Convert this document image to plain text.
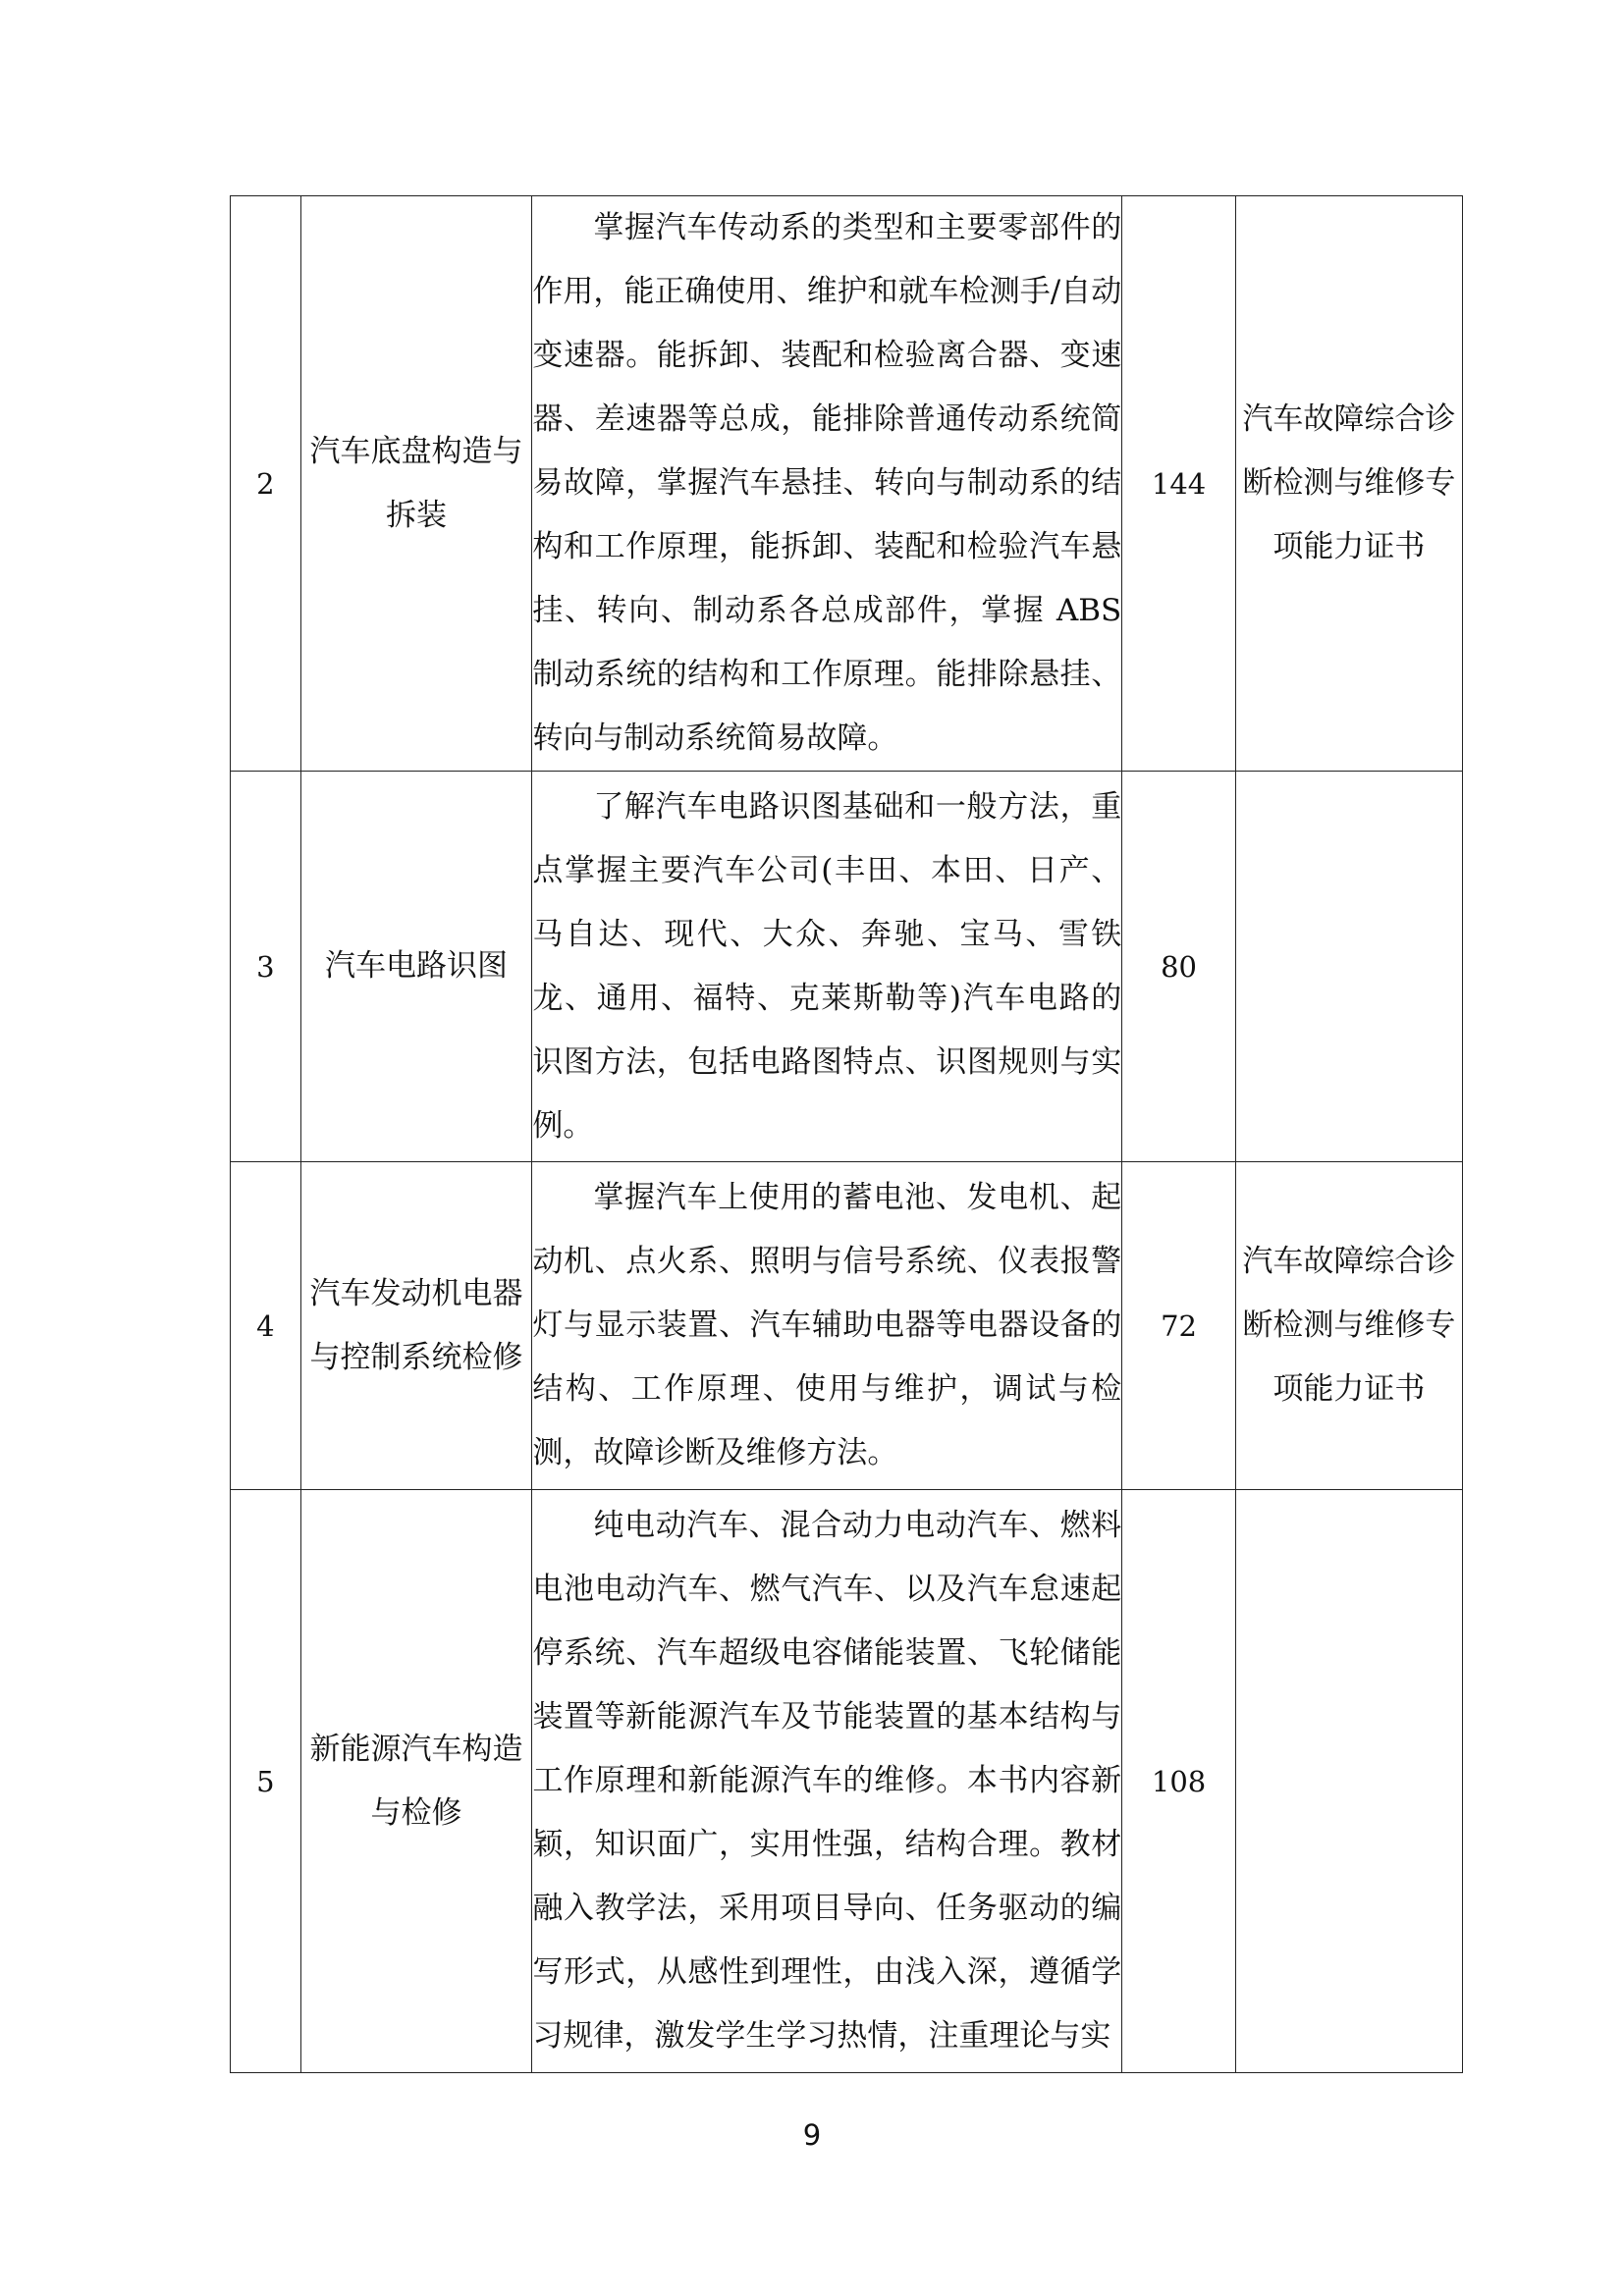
2	汽车底盘构造与拆装	掌握汽车传动系的类型和主要零部件的作用，能正确使用、维护和就车检测手/自动变速器。能拆卸、装配和检验离合器、变速器、差速器等总成，能排除普通传动系统简易故障，掌握汽车悬挂、转向与制动系的结构和工作原理，能拆卸、装配和检验汽车悬挂、转向、制动系各总成部件，掌握 ABS 制动系统的结构和工作原理。能排除悬挂、转向与制动系统简易故障。	144	汽车故障综合诊断检测与维修专项能力证书
3	汽车电路识图	了解汽车电路识图基础和一般方法，重点掌握主要汽车公司(丰田、本田、日产、马自达、现代、大众、奔驰、宝马、雪铁龙、通用、福特、克莱斯勒等)汽车电路的识图方法，包括电路图特点、识图规则与实例。	80	
4	汽车发动机电器与控制系统检修	掌握汽车上使用的蓄电池、发电机、起动机、点火系、照明与信号系统、仪表报警灯与显示装置、汽车辅助电器等电器设备的结构、工作原理、使用与维护，调试与检测，故障诊断及维修方法。	72	汽车故障综合诊断检测与维修专项能力证书
5	新能源汽车构造与检修	纯电动汽车、混合动力电动汽车、燃料电池电动汽车、燃气汽车、以及汽车怠速起停系统、汽车超级电容储能装置、飞轮储能装置等新能源汽车及节能装置的基本结构与工作原理和新能源汽车的维修。本书内容新颖，知识面广，实用性强，结构合理。教材融入教学法，采用项目导向、任务驱动的编写形式，从感性到理性，由浅入深，遵循学习规律，激发学生学习热情，注重理论与实	108	
9
